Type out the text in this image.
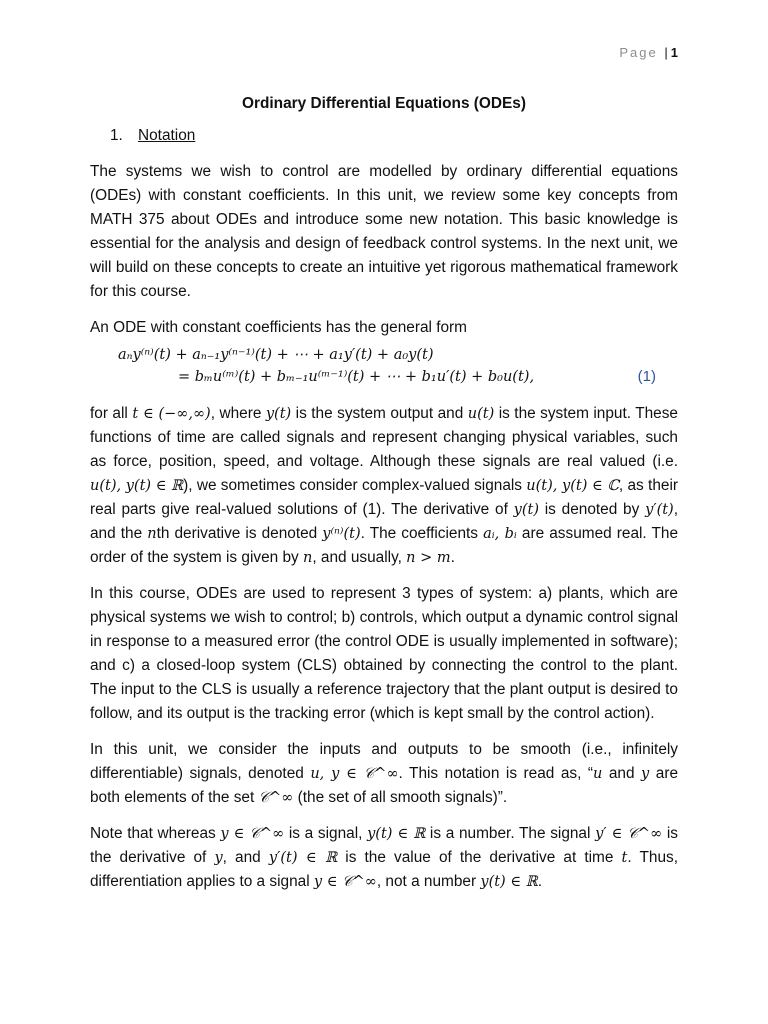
Page |1
Ordinary Differential Equations (ODEs)
1. Notation

The systems we wish to control are modelled by ordinary differential equations (ODEs) with constant coefficients. In this unit, we review some key concepts from MATH 375 about ODEs and introduce some new notation. This basic knowledge is essential for the analysis and design of feedback control systems. In the next unit, we will build on these concepts to create an intuitive yet rigorous mathematical framework for this course.

An ODE with constant coefficients has the general form

aₙy⁽ⁿ⁾(t) + aₙ₋₁y⁽ⁿ⁻¹⁾(t) + ⋯ + a₁y′(t) + a₀y(t)
= bₘu⁽ᵐ⁾(t) + bₘ₋₁u⁽ᵐ⁻¹⁾(t) + ⋯ + b₁u′(t) + b₀u(t),	(1)

for all t ∈ (−∞,∞), where y(t) is the system output and u(t) is the system input. These functions of time are called signals and represent changing physical variables, such as force, position, speed, and voltage. Although these signals are real valued (i.e. u(t), y(t) ∈ ℝ), we sometimes consider complex-valued signals u(t), y(t) ∈ ℂ, as their real parts give real-valued solutions of (1). The derivative of y(t) is denoted by y′(t), and the nth derivative is denoted y⁽ⁿ⁾(t). The coefficients aᵢ, bᵢ are assumed real. The order of the system is given by n, and usually, n > m.

In this course, ODEs are used to represent 3 types of system: a) plants, which are physical systems we wish to control; b) controls, which output a dynamic control signal in response to a measured error (the control ODE is usually implemented in software); and c) a closed-loop system (CLS) obtained by connecting the control to the plant. The input to the CLS is usually a reference trajectory that the plant output is desired to follow, and its output is the tracking error (which is kept small by the control action).

In this unit, we consider the inputs and outputs to be smooth (i.e., infinitely differentiable) signals, denoted u, y ∈ 𝒞^∞. This notation is read as, “u and y are both elements of the set 𝒞^∞ (the set of all smooth signals)”.

Note that whereas y ∈ 𝒞^∞ is a signal, y(t) ∈ ℝ is a number. The signal y′ ∈ 𝒞^∞ is the derivative of y, and y′(t) ∈ ℝ is the value of the derivative at time t. Thus, differentiation applies to a signal y ∈ 𝒞^∞, not a number y(t) ∈ ℝ.
